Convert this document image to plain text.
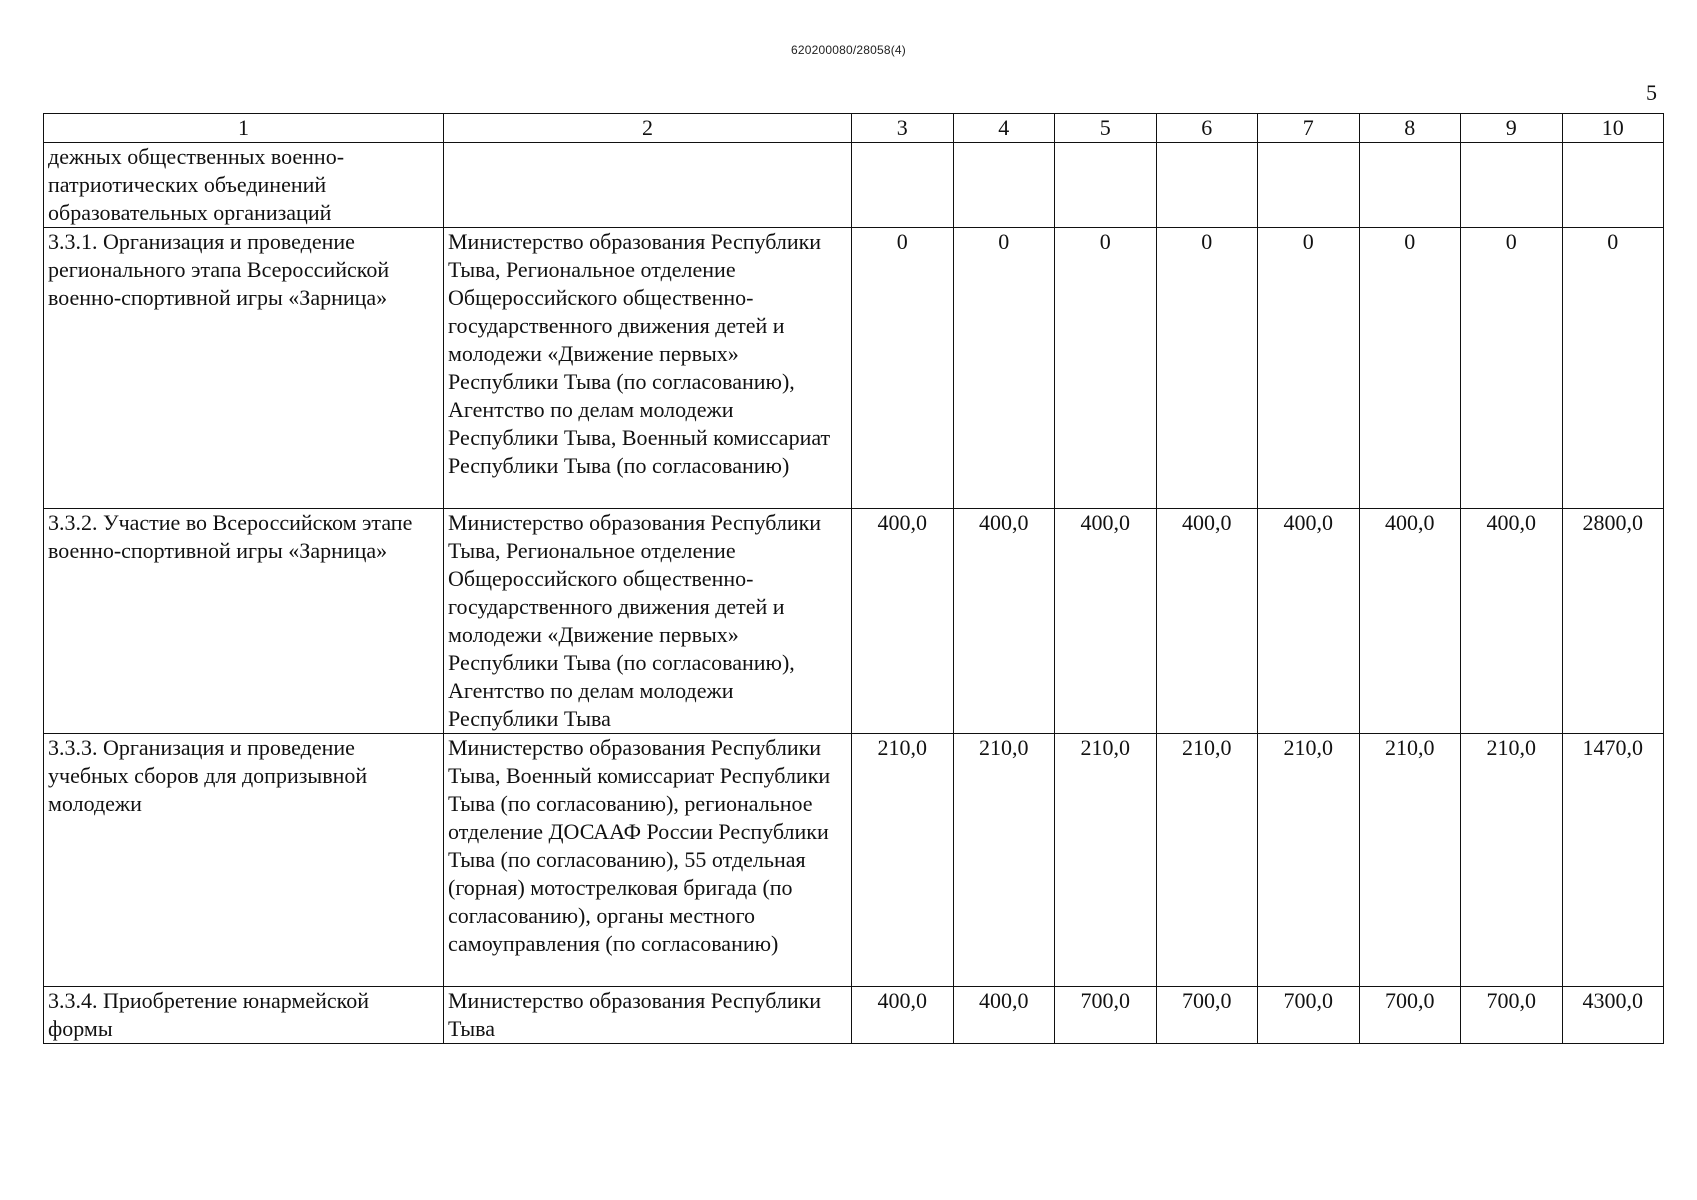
620200080/28058(4)
5
1	2	3	4	5	6	7	8	9	10
дежных общественных военно-патриотических объединений образовательных организаций									
3.3.1. Организация и проведение регионального этапа Всероссийской военно-спортивной игры «Зарница»	Министерство образования Республики Тыва, Региональное отделение Общероссийского общественно-государственного движения детей и молодежи «Движение первых» Республики Тыва (по согласованию), Агентство по делам молодежи Республики Тыва, Военный комиссариат Республики Тыва (по согласованию)	0	0	0	0	0	0	0	0
3.3.2. Участие во Всероссийском этапе военно-спортивной игры «Зарница»	Министерство образования Республики Тыва, Региональное отделение Общероссийского общественно-государственного движения детей и молодежи «Движение первых» Республики Тыва (по согласованию), Агентство по делам молодежи Республики Тыва	400,0	400,0	400,0	400,0	400,0	400,0	400,0	2800,0
3.3.3. Организация и проведение учебных сборов для допризывной молодежи	Министерство образования Республики Тыва, Военный комиссариат Республики Тыва (по согласованию), региональное отделение ДОСААФ России Республики Тыва (по согласованию), 55 отдельная (горная) мотострелковая бригада (по согласованию), органы местного самоуправления (по согласованию)	210,0	210,0	210,0	210,0	210,0	210,0	210,0	1470,0
3.3.4. Приобретение юнармейской формы	Министерство образования Республики Тыва	400,0	400,0	700,0	700,0	700,0	700,0	700,0	4300,0
